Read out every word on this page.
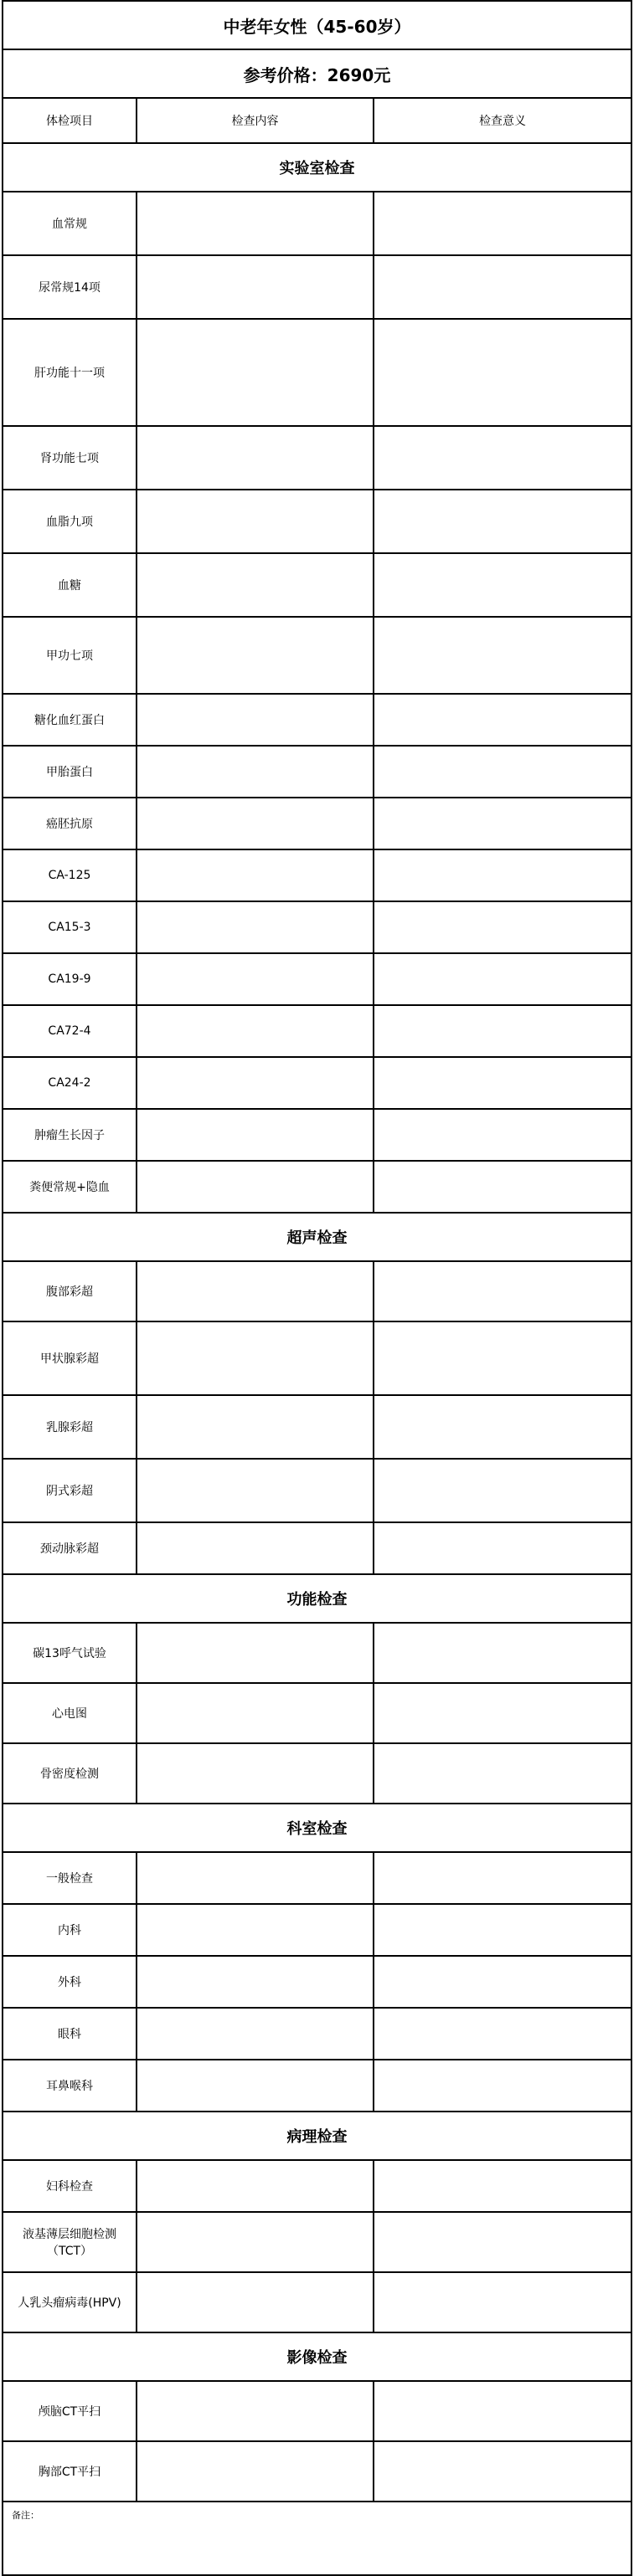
中老年女性（45-60岁）
参考价格：2690元
体检项目	检查内容	检查意义
实验室检查
血常规
尿常规14项
肝功能十一项
肾功能七项
血脂九项
血糖
甲功七项
糖化血红蛋白
甲胎蛋白
癌胚抗原
CA-125
CA15-3
CA19-9
CA72-4
CA24-2
肿瘤生长因子
粪便常规+隐血
超声检查
腹部彩超
甲状腺彩超
乳腺彩超
阴式彩超
颈动脉彩超
功能检查
碳13呼气试验
心电图
骨密度检测
科室检查
一般检查
内科
外科
眼科
耳鼻喉科
病理检查
妇科检查
液基薄层细胞检测（TCT）
人乳头瘤病毒(HPV)
影像检查
颅脑CT平扫
胸部CT平扫
备注：
